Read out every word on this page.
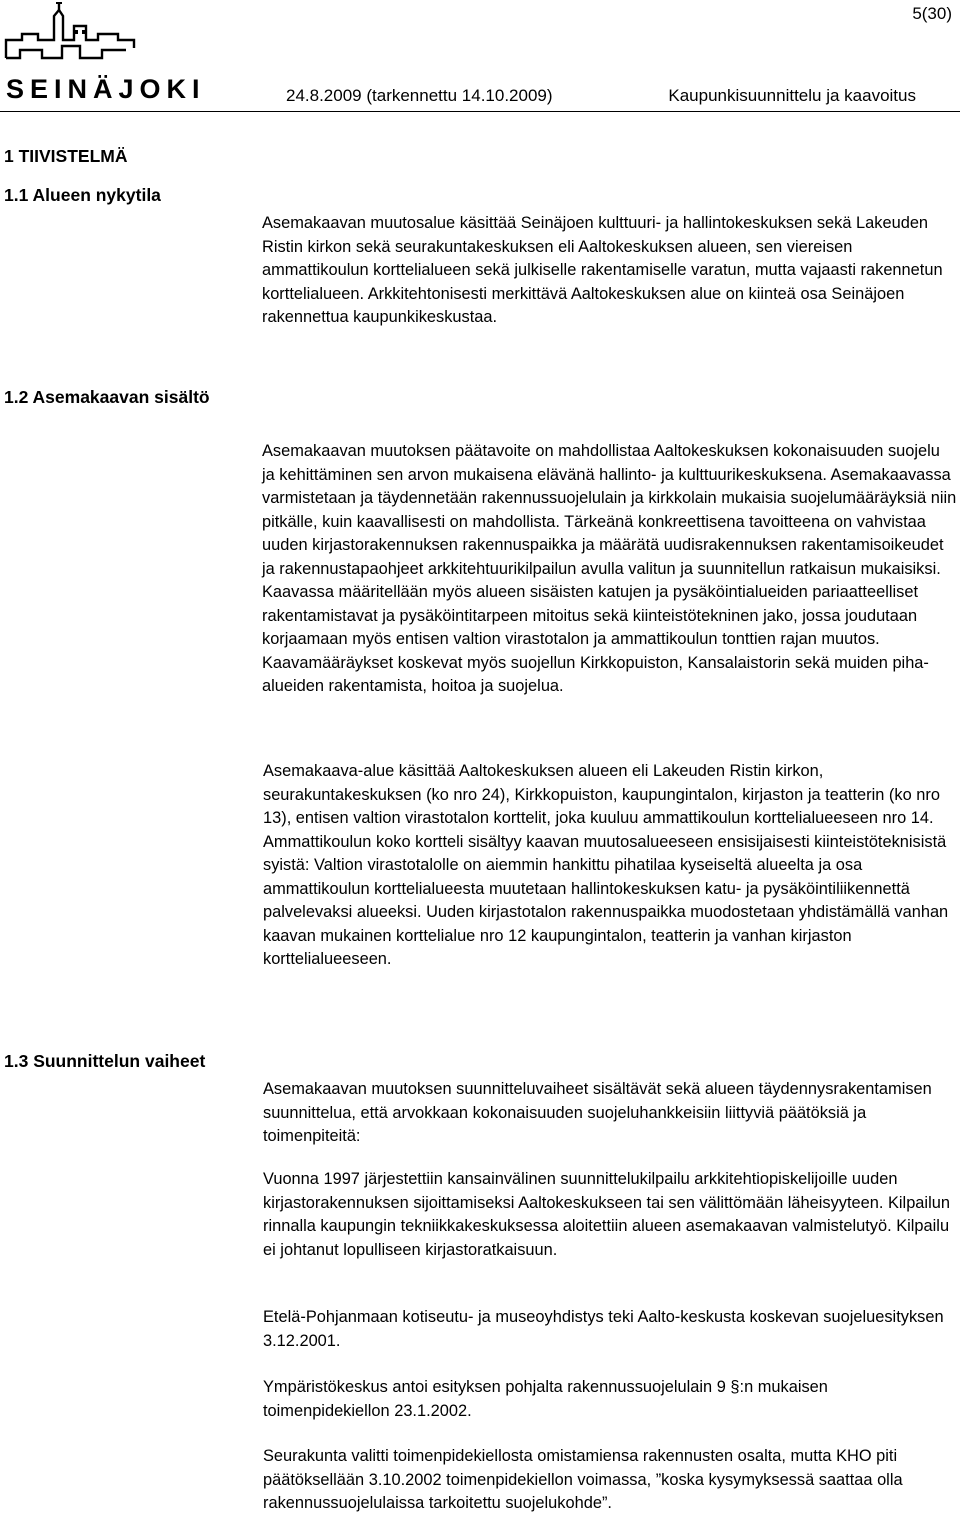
SEINÄJOKI
5(30)
24.8.2009 (tarkennettu 14.10.2009)	Kaupunkisuunnittelu ja kaavoitus
1 TIIVISTELMÄ
1.1 Alueen nykytila

Asemakaavan muutosalue käsittää Seinäjoen kulttuuri- ja hallintokeskuksen sekä Lakeuden Ristin kirkon sekä seurakuntakeskuksen eli Aaltokeskuksen alueen, sen viereisen ammattikoulun korttelialueen sekä julkiselle rakentamiselle varatun, mutta vajaasti rakennetun korttelialueen. Arkkitehtonisesti merkittävä Aaltokeskuksen alue on kiinteä osa Seinäjoen rakennettua kaupunkikeskustaa.

1.2 Asemakaavan sisältö

Asemakaavan muutoksen päätavoite on mahdollistaa Aaltokeskuksen kokonaisuuden suojelu ja kehittäminen sen arvon mukaisena elävänä hallinto- ja kulttuurikeskuksena. Asemakaavassa varmistetaan ja täydennetään rakennussuojelulain ja kirkkolain mukaisia suojelumääräyksiä niin pitkälle, kuin kaavallisesti on mahdollista. Tärkeänä konkreettisena tavoitteena on vahvistaa uuden kirjastorakennuksen rakennuspaikka ja määrätä uudisrakennuksen rakentamisoikeudet ja rakennustapaohjeet arkkitehtuurikilpailun avulla valitun ja suunnitellun ratkaisun mukaisiksi. Kaavassa määritellään myös alueen sisäisten katujen ja pysäköintialueiden pariaatteelliset rakentamistavat ja pysäköintitarpeen mitoitus sekä kiinteistötekninen jako, jossa joudutaan korjaamaan myös entisen valtion virastotalon ja ammattikoulun tonttien rajan muutos. Kaavamääräykset koskevat myös suojellun Kirkkopuiston, Kansalaistorin sekä muiden piha-alueiden rakentamista, hoitoa ja suojelua.

Asemakaava-alue käsittää Aaltokeskuksen alueen eli Lakeuden Ristin kirkon, seurakuntakeskuksen (ko nro 24), Kirkkopuiston, kaupungintalon, kirjaston ja teatterin (ko nro 13), entisen valtion virastotalon korttelit, joka kuuluu ammattikoulun korttelialueeseen nro 14. Ammattikoulun koko kortteli sisältyy kaavan muutosalueeseen ensisijaisesti kiinteistöteknisistä syistä: Valtion virastotalolle on aiemmin hankittu pihatilaa kyseiseltä alueelta ja osa ammattikoulun korttelialueesta muutetaan hallintokeskuksen katu- ja pysäköintiliikennettä palvelevaksi alueeksi. Uuden kirjastotalon rakennuspaikka muodostetaan yhdistämällä vanhan kaavan mukainen korttelialue nro 12 kaupungintalon, teatterin ja vanhan kirjaston korttelialueeseen.

1.3 Suunnittelun vaiheet

Asemakaavan muutoksen suunnitteluvaiheet sisältävät sekä alueen täydennysrakentamisen suunnittelua, että arvokkaan kokonaisuuden suojeluhankkeisiin liittyviä päätöksiä ja toimenpiteitä:

Vuonna 1997 järjestettiin kansainvälinen suunnittelukilpailu arkkitehtiopiskelijoille uuden kirjastorakennuksen sijoittamiseksi Aaltokeskukseen tai sen välittömään läheisyyteen. Kilpailun rinnalla kaupungin tekniikkakeskuksessa aloitettiin alueen asemakaavan valmistelutyö. Kilpailu ei johtanut lopulliseen kirjastoratkaisuun.

Etelä-Pohjanmaan kotiseutu- ja museoyhdistys teki Aalto-keskusta koskevan suojeluesityksen 3.12.2001.

Ympäristökeskus antoi esityksen pohjalta rakennussuojelulain 9 §:n mukaisen toimenpidekiellon 23.1.2002.

Seurakunta valitti toimenpidekiellosta omistamiensa rakennusten osalta, mutta KHO piti päätöksellään 3.10.2002 toimenpidekiellon voimassa, ”koska kysymyksessä saattaa olla rakennussuojelulaissa tarkoitettu suojelukohde”.
